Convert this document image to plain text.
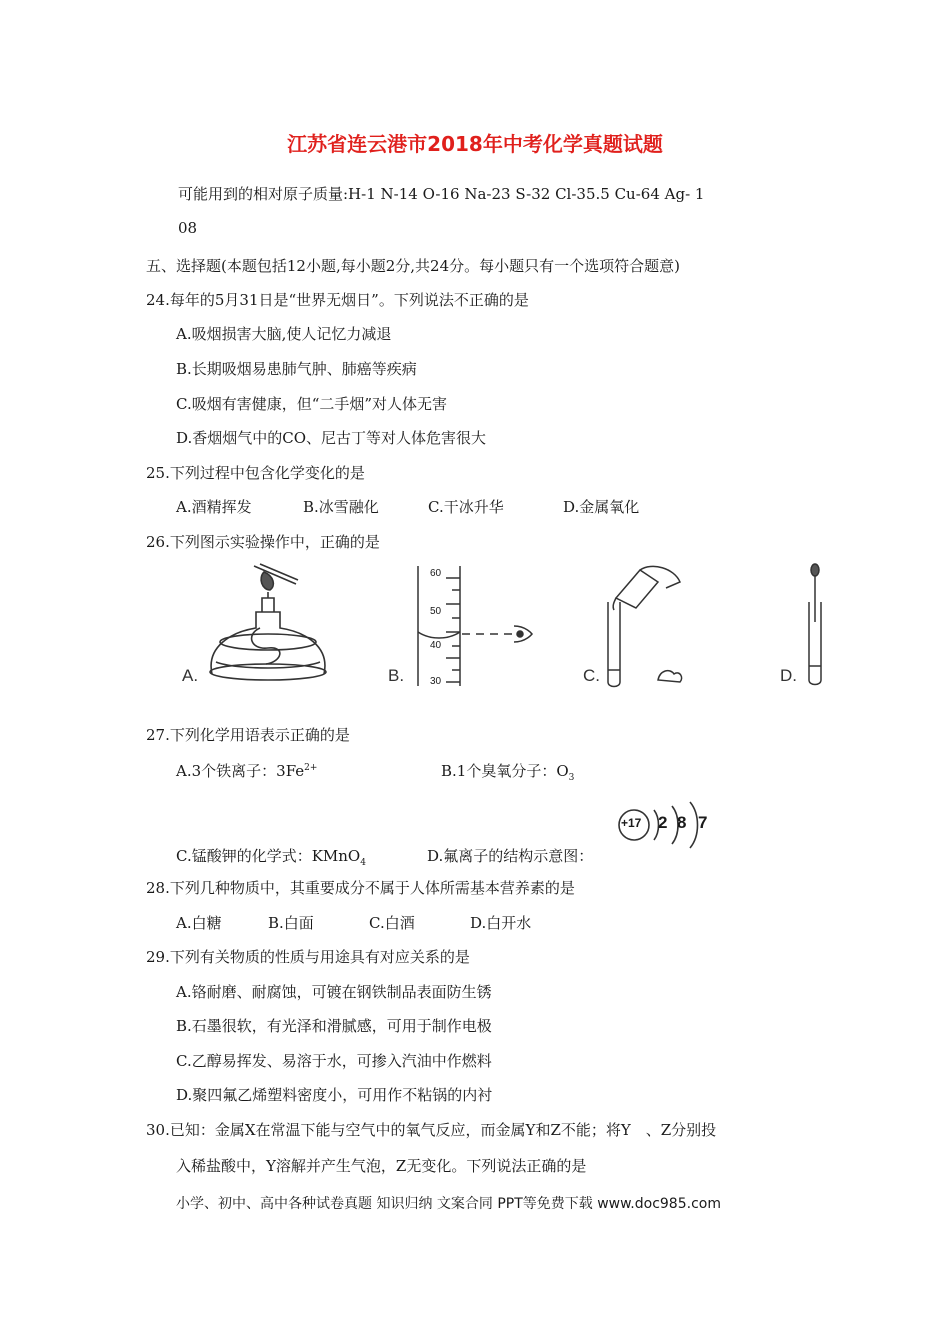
江苏省连云港市2018年中考化学真题试题
可能用到的相对原子质量:H-1 N-14 O-16 Na-23 S-32 Cl-35.5 Cu-64 Ag- 1
08
五、选择题(本题包括12小题,每小题2分,共24分。每小题只有一个选项符合题意)
24.每年的5月31日是“世界无烟日”。下列说法不正确的是
A.吸烟损害大脑,使人记忆力减退
B.长期吸烟易患肺气肿、肺癌等疾病
C.吸烟有害健康，但“二手烟”对人体无害
D.香烟烟气中的CO、尼古丁等对人体危害很大
25.下列过程中包含化学变化的是
A.酒精挥发	B.冰雪融化	C.干冰升华	D.金属氧化
26.下列图示实验操作中，正确的是
A.
60
50
40
30
B.	C.	D.
27.下列化学用语表示正确的是
A.3个铁离子：$3Fe^{2+}$	B.1个臭氧分子：$O_3$
+17 2 8 7
C.锰酸钾的化学式：KMnO$_4$	D.氟离子的结构示意图：
28.下列几种物质中，其重要成分不属于人体所需基本营养素的是
A.白糖	B.白面	C.白酒	D.白开水
29.下列有关物质的性质与用途具有对应关系的是
A.铬耐磨、耐腐蚀，可镀在钢铁制品表面防生锈
B.石墨很软，有光泽和滑腻感，可用于制作电极
C.乙醇易挥发、易溶于水，可掺入汽油中作燃料
D.聚四氟乙烯塑料密度小，可用作不粘锅的内衬
30.已知：金属X在常温下能与空气中的氧气反应，而金属Y和Z不能；将Y　、Z分别投
入稀盐酸中，Y溶解并产生气泡，Z无变化。下列说法正确的是
小学、初中、高中各种试卷真题 知识归纳 文案合同 PPT等免费下载 www.doc985.com
